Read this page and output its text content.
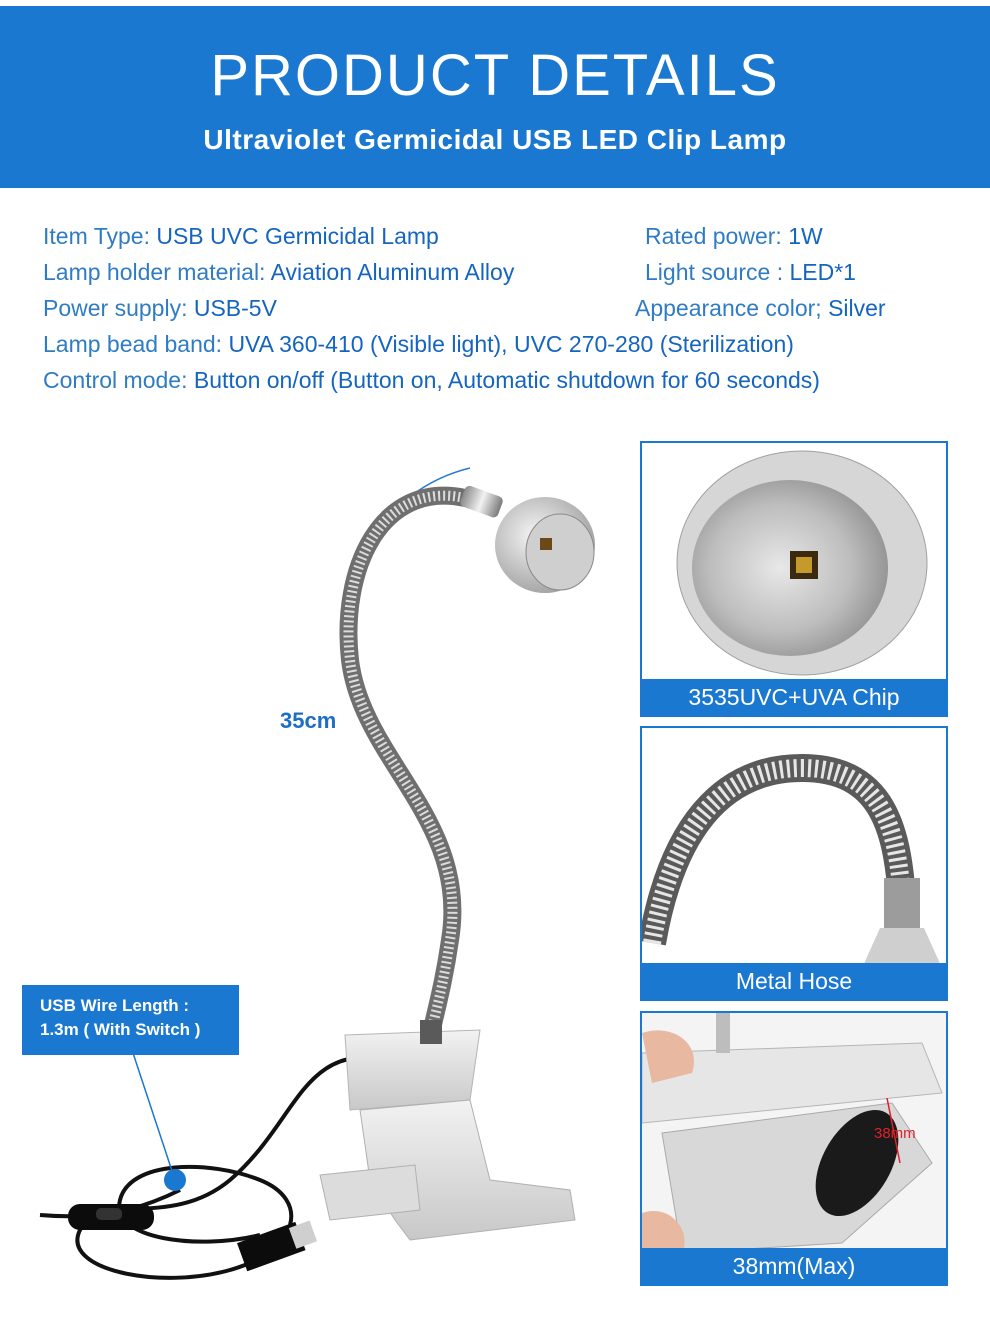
PRODUCT DETAILS
Ultraviolet Germicidal USB LED Clip Lamp
Item Type: USB UVC Germicidal Lamp	Rated power: 1W
Lamp holder material: Aviation Aluminum Alloy	Light source : LED*1
Power supply: USB-5V	Appearance color; Silver
Lamp bead band: UVA 360-410 (Visible light), UVC 270-280 (Sterilization)
Control mode: Button on/off (Button on, Automatic shutdown for 60 seconds)
35cm
USB Wire Length :
1.3m ( With Switch )
3535UVC+UVA Chip
Metal Hose
38mm
38mm(Max)
